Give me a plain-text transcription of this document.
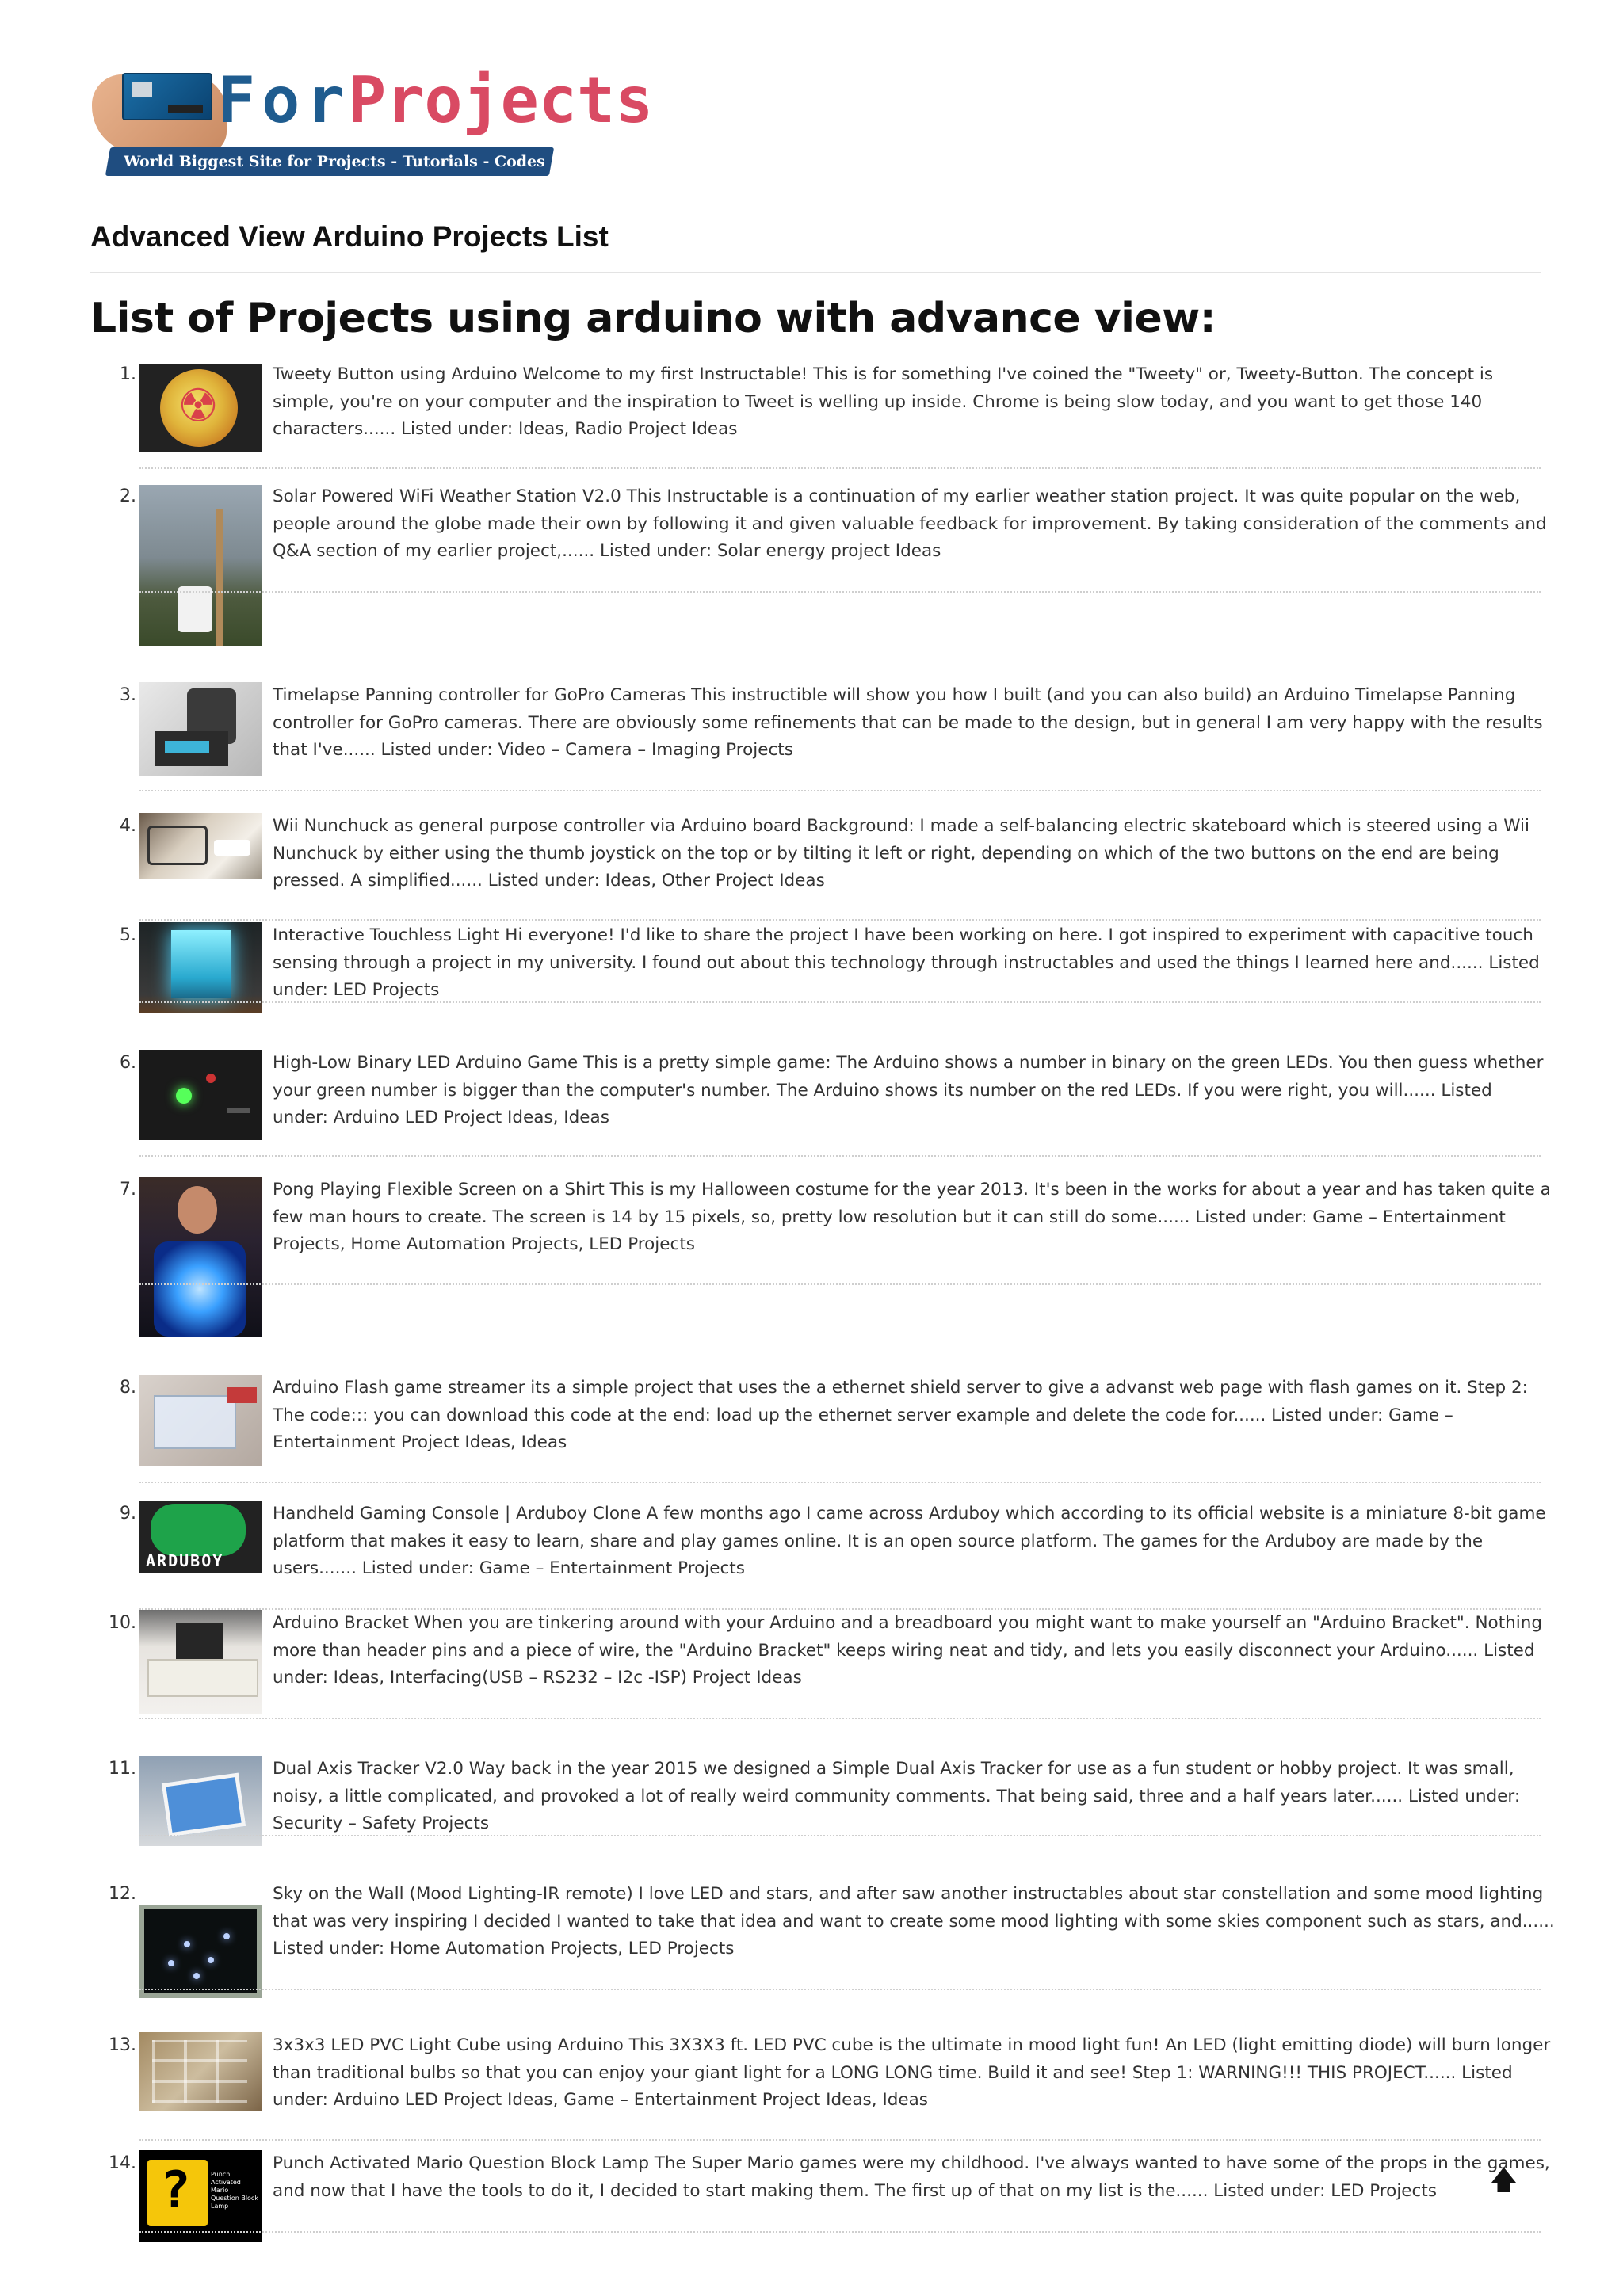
For
Projects
World Biggest Site for Projects - Tutorials - Codes - Ideas
Advanced View Arduino Projects List
List of Projects using arduino with advance view:
1.
☢	Tweety Button using Arduino Welcome to my first Instructable! This is for something I've coined the "Tweety" or, Tweety-Button. The concept is simple, you're on your computer and the inspiration to Tweet is welling up inside. Chrome is being slow today, and you want to get those 140 characters...... Listed under: Ideas, Radio Project Ideas

2.	Solar Powered WiFi Weather Station V2.0 This Instructable is a continuation of my earlier weather station project. It was quite popular on the web, people around the globe made their own by following it and given valuable feedback for improvement. By taking consideration of the comments and Q&A section of my earlier project,...... Listed under: Solar energy project Ideas

3.	Timelapse Panning controller for GoPro Cameras This instructible will show you how I built (and you can also build) an Arduino Timelapse Panning controller for GoPro cameras. There are obviously some refinements that can be made to the design, but in general I am very happy with the results that I've...... Listed under: Video – Camera – Imaging Projects

4.	Wii Nunchuck as general purpose controller via Arduino board Background: I made a self-balancing electric skateboard which is steered using a Wii Nunchuck by either using the thumb joystick on the top or by tilting it left or right, depending on which of the two buttons on the end are being pressed. A simplified...... Listed under: Ideas, Other Project Ideas

5.	Interactive Touchless Light Hi everyone! I'd like to share the project I have been working on here. I got inspired to experiment with capacitive touch sensing through a project in my university. I found out about this technology through instructables and used the things I learned here and...... Listed under: LED Projects

6.	High-Low Binary LED Arduino Game This is a pretty simple game: The Arduino shows a number in binary on the green LEDs. You then guess whether your green number is bigger than the computer's number. The Arduino shows its number on the red LEDs. If you were right, you will...... Listed under: Arduino LED Project Ideas, Ideas

7.	Pong Playing Flexible Screen on a Shirt This is my Halloween costume for the year 2013. It's been in the works for about a year and has taken quite a few man hours to create. The screen is 14 by 15 pixels, so, pretty low resolution but it can still do some...... Listed under: Game – Entertainment Projects, Home Automation Projects, LED Projects

8.	Arduino Flash game streamer its a simple project that uses the a ethernet shield server to give a advanst web page with flash games on it. Step 2: The code::: you can download this code at the end: load up the ethernet server example and delete the code for...... Listed under: Game – Entertainment Project Ideas, Ideas

9.
ARDUBOY

Handheld Gaming Console | Arduboy Clone A few months ago I came across Arduboy which according to its official website is a miniature 8-bit game platform that makes it easy to learn, share and play games online. It is an open source platform. The games for the Arduboy are made by the users....... Listed under: Game – Entertainment Projects

10.	Arduino Bracket When you are tinkering around with your Arduino and a breadboard you might want to make yourself an "Arduino Bracket". Nothing more than header pins and a piece of wire, the "Arduino Bracket" keeps wiring neat and tidy, and lets you easily disconnect your Arduino...... Listed under: Ideas, Interfacing(USB – RS232 – I2c -ISP) Project Ideas

11.	Dual Axis Tracker V2.0 Way back in the year 2015 we designed a Simple Dual Axis Tracker for use as a fun student or hobby project. It was small, noisy, a little complicated, and provoked a lot of really weird community comments. That being said, three and a half years later...... Listed under: Security – Safety Projects

12.	Sky on the Wall (Mood Lighting-IR remote) I love LED and stars, and after saw another instructables about star constellation and some mood lighting that was very inspiring I decided I wanted to take that idea and want to create some mood lighting with some skies component such as stars, and...... Listed under: Home Automation Projects, LED Projects

13.	3x3x3 LED PVC Light Cube using Arduino This 3X3X3 ft. LED PVC cube is the ultimate in mood light fun! An LED (light emitting diode) will burn longer than traditional bulbs so that you can enjoy your giant light for a LONG LONG time. Build it and see! Step 1: WARNING!!! THIS PROJECT...... Listed under: Arduino LED Project Ideas, Game – Entertainment Project Ideas, Ideas

14. ?	Punch Activated Mario Question Block Lamp

Punch Activated Mario Question Block Lamp The Super Mario games were my childhood. I've always wanted to have some of the props in the games, and now that I have the tools to do it, I decided to start making them. The first up of that on my list is the...... Listed under: LED Projects	🡅
